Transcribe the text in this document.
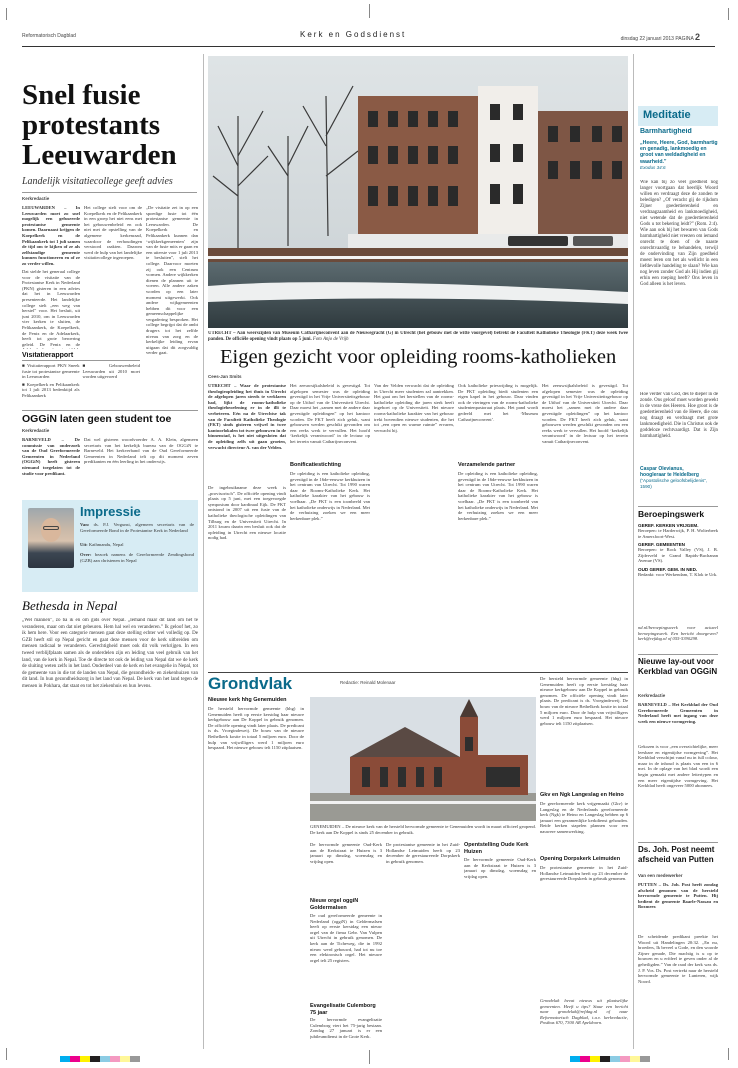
Reformatorisch Dagblad	Kerk en Godsdienst	dinsdag 22 januari 2013 PAGINA 2
Snel fusie protestants Leeuwarden
Landelijk visitatiecollege geeft advies
Kerkredactie
LEEUWARDEN – In Leeuwarden moet zo snel mogelijk een gefuseerde protestantse gemeente komen. Daarnaast krijgen de Koepelkerk en de Pelikaankerk tot 1 juli samen de tijd om te kijken of ze als zelfstandige gemeente kunnen functioneren en of ze zo verder willen.
Dat stelde het generaal college voor de visitatie van de Protestantse Kerk in Nederland (PKN) gisteren in een advies dat het in Leeuwarden presenteerde. Het landelijke college stelt „een weg van herstel” voor. Het besluit, uit juni 2010, om in Leeuwarden vier kerken te sluiten, de Pelikaankerk, de Koepelkerk, de Fenix en de Adelaarkerk, heeft tot grote beroering geleid. De Fenix en de
Het college stelt voor om de Koepelkerk en de Pelikaankerk in een groep het niet eens met het gebouwenbeleid en ook niet met de opstelling van de algemene kerkenraad, waardoor de verhoudingen verstoord raakten. Daarom werd de hulp van het landelijke visitatiecollege ingeroepen.
„De visitatie zet in op een spoedige fusie tot één protestantse gemeente in Leeuwarden. De Koepelkerk en Pelikaankerk kunnen dan ‘wijkkerkgemeenten’ zijn van de fusie mits er gaan en een uiterste voor 1 juli 2013 te besluiten”, stelt het college. Daarvoor moeten zij ook een Centrum vormen. Andere wijkkerken dienen de plannen uit te voeren. Alle andere zaken worden op een later moment uitgewerkt. Ook andere wijkgemeenten hebben dit voor een gemeenschappelijke vergadering besproken. Het college begrijpt dat de ambt dragers tot het zelfde niveau van zorg en de kerkelijke leiding ervan uitgaan dat dit zorgvuldig verder gaat.
Visitatierapport
■ Visitatierapport PKN Sneek fusie tot protestantse gemeente in Leeuwarden
■ Koepelkerk en Pelikaankerk tot 1 juli 2013 bedenktijd als Pelikaankerk
■ Gebouwenbeleid Leeuwarden uit 2010 moet worden uitgevoerd
OGGiN laten geen student toe
Kerkredactie
BARNEVELD – De commissie van onderzoek van de Oud Gereformeerde Gemeenten in Nederland (OGGiN) heeft gisteren niemand toegelaten tot de studie voor predikant.
Dat wel gisteren woordvoerder A. A. Klein, algemeen secretaris van het kerkelijk bureau van de OGGiN te Barneveld. Het kerkverband van de Oud Gereformeerde Gemeenten in Nederland telt op dit moment zeven predikanten en één leerling in het onderwijs.
Impressie
Van: ds. P.J. Vergunst, algemeen secretaris van de Gereformeerde Bond in de Protestantse Kerk in Nederland
Uit: Kathmandu, Nepal
Over: bezoek namens de Gereformeerde Zendingsbond (GZB) aan christenen in Nepal
Bethesda in Nepal
„Wel mannen”, zo ba ik en om gids over Nepal. „Iemand maar dit land om het te veranderen, maar om dat niet gebeuren. Hem hal wel en veranderen.” Ik geloof het, zo ik hem here. Voor een categorie mensen gaat deze stelling echter wel volledig op. De GZB heeft stil op Nepal gericht en gaat deze mensen voor de kerk uitbreiden om mensen radicaal te veranderen. Gerechtigheid moet ook dit volk verkrijgen. In een tweed verblijfplaats samen als de onderdelen zijn en leiding van veel gebruik van het land, van de kerk in Nepal. Toe de directe tot ook de leiding van Nepal dat we de kerk de sluiting weten zelfs in het land. Onderdeel van de kerk en het evangelie in Nepal, tot de gemeente van in die tot de landen van Nepal, die gezondheids- en ziekenhuizen van dit land. In hun gezondheidszorg in het land van Nepal. De kerk van het land tegen de mensen in Pokhara, dat staat en tot het ziekenhuis en hun levens.
UTRECHT – Aan weerszijden van Museum Catharijneconvent aan de Nieuwegracht (G) in Utrecht (het gebouw met de witte voorgevel) betrekt de Faculteit Katholieke Theologie (FKT) deze week twee panden. De officiële opening vindt plaats op 5 juni. Foto Anjo de Vrijh
Eigen gezicht voor opleiding rooms-katholieken
Cees-Jan Smits
UTRECHT – Waar de protestantse theologieopleiding het thuis in Utrecht de afgelopen jaren steeds te verklaren had, lijkt de rooms-katholieke theologiebeoefening er in de illi te verbeteren. Eén na de Utrechtse tak van de Faculteit Katholieke Theologie (FKT) sinds gisteren vrijwel in twee kantoorlokalen tot twee gebouwen in de binnenstad, is het niet uitgesloten dat de opleiding zelfs uit gaan groeien, verwacht directeur A. van der Velden.
De ingebruikname deze week is „provisorisch”. De officiële opening vindt plaats op 5 juni, met een toegevoegde symposium door kardinaal Eijk. De FKT ontstond in 2007 uit een fusie van de katholieke theologische opleidingen van Tilburg en de Universiteit Utrecht. In 2011 kwam daarin een besluit ook dat de opleiding in Utrecht een nieuwe locatie nodig had.
Het zeeuwsijkalsbeleid is gevestigd. Tot afgelopen semester was de opleiding gevestigd in het Vrije Universiteitsgebouw op de Uithof van de Universiteit Utrecht. Daar moest het „samen met de andere daar gevestigde opleidingen” op het kantoor worden. De FKT heeft zich geluk, want gebouwen werden geschikt gevonden om een reeks werk te vervullen. Het hoofd ‘kerkelijk verantwoord’ in de lectuur op het terrein vanuit Catharijneconvent.
Bonificatiestichting
De opleiding is een katholieke opleiding, gevestigd in de 16de-eeuwse kerkhuizen in het centrum van Utrecht. Tot 1990 waren daar de Rooms-Katholieke Kerk. Het katholieke karakter van het gebouw is voelbaar. „De FKT is een toonbeeld van het katholieke onderwijs in Nederland. Met de verhuizing zoeken we een meer herkenbare plek.”
Van der Velden verwacht dat de opleiding in Utrecht meer studenten zal aantrekken. Het gaat om het herstellen van de rooms-katholieke opleiding die jaren sterk heeft ingeboet op de Universiteit. Het nieuwe rooms-katholieke karakter van het gebouw trekt bovendien nieuwe studenten, die het tot „een open en warme ruimte” ervaren, verwacht hij.
Verzamelende partner
Ook katholieke prieswijding is mogelijk. De FKT opleiding biedt studenten een eigen kapel in het gebouw. Daar vinden ook de vieringen van de rooms-katholieke studentenpastoraat plaats. Het pand wordt gedeeld met het ‘Museum Catharijneconvent’.
De opleiding is een katholieke opleiding, gevestigd in de 16de-eeuwse kerkhuizen in het centrum van Utrecht. Tot 1990 waren daar de Rooms-Katholieke Kerk. Het katholieke karakter van het gebouw is voelbaar. „De FKT is een toonbeeld van het katholieke onderwijs in Nederland. Met de verhuizing zoeken we een meer herkenbare plek.”
Het zeeuwsijkalsbeleid is gevestigd. Tot afgelopen semester was de opleiding gevestigd in het Vrije Universiteitsgebouw op de Uithof van de Universiteit Utrecht. Daar moest het „samen met de andere daar gevestigde opleidingen” op het kantoor worden. De FKT heeft zich geluk, want gebouwen werden geschikt gevonden om een reeks werk te vervullen. Het hoofd ‘kerkelijk verantwoord’ in de lectuur op het terrein vanuit Catharijneconvent.
Grondvlak	Redactie: Reinald Molenaar
Nieuwe kerk hhg Genemuiden
De hersteld hervormde gemeente (hhg) in Genemuiden heeft op eerste kerstdag haar nieuwe kerkgebouw aan De Koppel in gebruik genomen. De officiële opening vindt later plaats. De predicant is ds. Vroegindeweij. De bouw van de nieuwe Bethelkerk kostte in totaal 5 miljoen euro. Door de hulp van vrijwilligers werd 1 miljoen euro bespaard. Het nieuwe gebouw telt 1150 zitplaatsen.
GENEMUIDEN – De nieuwe kerk van de hersteld hervormde gemeente te Genemuiden wordt in maart officieel geopend. De kerk aan De Koppel is sinds 25 december in gebruik.
De hervormde gemeente Oud-Kerk aan de Kerkstraat te Huizen is 3 januari op dinsdag, woensdag en vrijdag open.
Nieuw orgel oggiN Goldermalsen
De oud gereformeerde gemeente in Nederland (oggiN) in Geldermalsen heeft op eerste kerstdag een nieuw orgel van de firma Gebr. Van Vulpen uit Utrecht in gebruik genomen. De kerk aan de Ticheweg, die in 1992 nieuw werd gebouwd, had tot nu toe een elektronisch orgel. Het nieuwe orgel telt 25 registers.
Evangelisatie Culemborg 75 jaar
De hervormde evangelisatie Culemborg viert het 75-jarig bestaan. Zondag 27 januari is er een jubileumdienst in de Grote Kerk.
De protestantse gemeente in het Zuid-Hollandse Leimuiden heeft op 23 december de gerestaureerde Dorpskerk in gebruik genomen.
Opentstelling Oude Kerk Huizen
De hervormde gemeente Oud-Kerk aan de Kerkstraat te Huizen is 3 januari op dinsdag, woensdag en vrijdag open.
De hersteld hervormde gemeente (hhg) in Genemuiden heeft op eerste kerstdag haar nieuwe kerkgebouw aan De Koppel in gebruik genomen. De officiële opening vindt later plaats. De predicant is ds. Vroegindeweij. De bouw van de nieuwe Bethelkerk kostte in totaal 5 miljoen euro. Door de hulp van vrijwilligers werd 1 miljoen euro bespaard. Het nieuwe gebouw telt 1150 zitplaatsen.
Gkv en Ngk Langeslag en Heino
De gereformeerde kerk vrijgemaakt (Gkv) te Langeslag en de Nederlands gereformeerde kerk (Ngk) te Heino en Langeslag hebben op 6 januari een gezamenlijke kerkdienst gehouden. Beide kerken stapelen plannen voor een nauwere samenwerking.
Opening Dorpskerk Leimuiden
De protestantse gemeente in het Zuid-Hollandse Leimuiden heeft op 23 december de gerestaureerde Dorpskerk in gebruik genomen.
Grondvlak bevat nieuws uit plaatselijke gemeenten. Heeft u tips? Stuur een bericht naar grondvlak@refdag.nl of naar Reformatorisch Dagblad, t.a.v. kerkredactie, Postbus 670, 7300 AR Apeldoorn.
Meditatie
Barmhartigheid
„Heere, Heere, God, barmhartig en genadig, lankmoedig en groot van weldadigheid en waarheid.”
Exodus 34:6
Wie kan bij zo veel goedheid nog langer voortgaan dat heerlijk Woord willen en verdraagt deze de zonden te beledigen? „Of veracht gij de rijkdom Zijner goedertierenheid en verdraagzaamheid en lankmoedigheid, niet wetende dat de goedertierenheid Gods u tot bekering leidt?” (Rom. 2:4). Wie aan ook bij het bewaren van Gods barmhartigheid niet vreezen om iemand onrecht te doen of de naaste onrechtvaardig te behandelen, terwijl de ondervinding van Zijn goedheid moest leren om het als wellicht in een liefdevolle handeling te slaan? Wie kan nog leven zonder God als Hij indien gij erhin een roeping heeft? Ons leven in God alleen is het leven.
Hoe verder van God, des te dieper in de zonde. Ons geloof moet worden gewekt in de vreze des Heeren. Hoe groot is de goedertierenheid van de Heere, die ons nog draagt en verdraagt met grote lankmoedigheid. Die in Christus ook de goddeloze rechtvaardigt. Dat is Zijn barmhartigheid.
Caspar Olevianus,
hoogleraar te Heidelberg
(“Apostolische geloofsbelijdenis”, 1590)
Beroepingswerk
GEREF. KERKEN VRIJGEM.
Beroepen: te Harderwijk, P. H. Wolterbeek te Amersfoort-West.
GEREF. GEMEENTEN
Beroepen: te Rock Valley (VS), J. B. Zijderveld te Grand Rapids-Buchanan Avenue (VS).
OUD GEREF. GEM. IN NED.
Bedankt: voor Werkendam, T. Klok te Urk.
nd.nl/beroepingswerk voor actueel beroepingswerk. Een bericht doorgeven? kerk@refdag.nl of 055-5390298.
Nieuwe lay-out voor Kerkblad van OGGiN
Kerkredactie
BARNEVELD – Het Kerkblad der Oud Gereformeerde Gemeenten in Nederland heeft met ingang van deze week een nieuwe vormgeving.
Gekozen is voor „een overzichtelijke, meer leesbare en eigentijdse vormgeving”. Het Kerkblad verschijnt vanaf nu in full colour, maar in de inhoud is plaats van een in 6 mei. In de oplage van het blad wordt een begin gemaakt met andere lettertypen en een meer eigentijdse vormgeving. Het Kerkblad heeft ongeveer 5000 abonnees.
Ds. Joh. Post neemt afscheid van Putten
Van een medewerker
PUTTEN – Ds. Joh. Post heeft zondag afscheid genomen van de hersteld hervormde gemeente te Putten. Hij bedient de gemeente Baarle-Nassau en Boxmeer.
De scheidende predikant preekte het Woord uit Handelingen 20:32. „En nu, broeders, Ik beveel u Gode, en den woorde Zijner genade, Die machtig is u op te bouwen en u erfdeel te geven onder al de geheiligden.” Van de raad der kerk was ds. J. P. Vos. Ds. Post vertrekt naar de hersteld hervormde gemeente te Lunteren, wijk Noord.
